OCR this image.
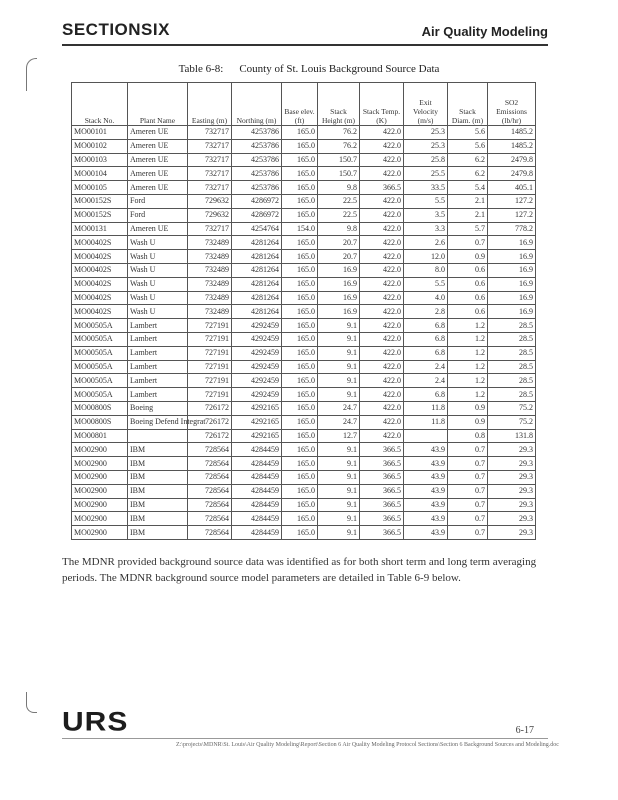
SECTIONSIX	Air Quality Modeling
Table 6-8: County of St. Louis Background Source Data
Stack No.	Plant Name	Easting (m)	Northing (m)	Base elev. (ft)	Stack Height (m)	Stack Temp. (K)	Exit Velocity (m/s)	Stack Diam. (m)	SO2 Emissions (lb/hr)
MO00101	Ameren UE	732717	4253786	165.0	76.2	422.0	25.3	5.6	1485.2
MO00102	Ameren UE	732717	4253786	165.0	76.2	422.0	25.3	5.6	1485.2
MO00103	Ameren UE	732717	4253786	165.0	150.7	422.0	25.8	6.2	2479.8
MO00104	Ameren UE	732717	4253786	165.0	150.7	422.0	25.5	6.2	2479.8
MO00105	Ameren UE	732717	4253786	165.0	9.8	366.5	33.5	5.4	405.1
MO00152S	Ford	729632	4286972	165.0	22.5	422.0	5.5	2.1	127.2
MO00152S	Ford	729632	4286972	165.0	22.5	422.0	3.5	2.1	127.2
MO00131	Ameren UE	732717	4254764	154.0	9.8	422.0	3.3	5.7	778.2
MO00402S	Wash U	732489	4281264	165.0	20.7	422.0	2.6	0.7	16.9
MO00402S	Wash U	732489	4281264	165.0	20.7	422.0	12.0	0.9	16.9
MO00402S	Wash U	732489	4281264	165.0	16.9	422.0	8.0	0.6	16.9
MO00402S	Wash U	732489	4281264	165.0	16.9	422.0	5.5	0.6	16.9
MO00402S	Wash U	732489	4281264	165.0	16.9	422.0	4.0	0.6	16.9
MO00402S	Wash U	732489	4281264	165.0	16.9	422.0	2.8	0.6	16.9
MO00505A	Lambert	727191	4292459	165.0	9.1	422.0	6.8	1.2	28.5
MO00505A	Lambert	727191	4292459	165.0	9.1	422.0	6.8	1.2	28.5
MO00505A	Lambert	727191	4292459	165.0	9.1	422.0	6.8	1.2	28.5
MO00505A	Lambert	727191	4292459	165.0	9.1	422.0	2.4	1.2	28.5
MO00505A	Lambert	727191	4292459	165.0	9.1	422.0	2.4	1.2	28.5
MO00505A	Lambert	727191	4292459	165.0	9.1	422.0	6.8	1.2	28.5
MO00800S	Boeing	726172	4292165	165.0	24.7	422.0	11.8	0.9	75.2
MO00800S	Boeing Defend Integrat	726172	4292165	165.0	24.7	422.0	11.8	0.9	75.2
MO00801		726172	4292165	165.0	12.7	422.0		0.8	131.8
MO02900	IBM	728564	4284459	165.0	9.1	366.5	43.9	0.7	29.3
MO02900	IBM	728564	4284459	165.0	9.1	366.5	43.9	0.7	29.3
MO02900	IBM	728564	4284459	165.0	9.1	366.5	43.9	0.7	29.3
MO02900	IBM	728564	4284459	165.0	9.1	366.5	43.9	0.7	29.3
MO02900	IBM	728564	4284459	165.0	9.1	366.5	43.9	0.7	29.3
MO02900	IBM	728564	4284459	165.0	9.1	366.5	43.9	0.7	29.3
MO02900	IBM	728564	4284459	165.0	9.1	366.5	43.9	0.7	29.3
The MDNR provided background source data was identified as for both short term and long term averaging periods. The MDNR background source model parameters are detailed in Table 6-9 below.
URS	6-17
Z:\projects\MDNR\St. Louis\Air Quality Modeling\Report\Section 6 Air Quality Modeling Protocol Sections\Section 6 Background Sources and Modeling.doc
